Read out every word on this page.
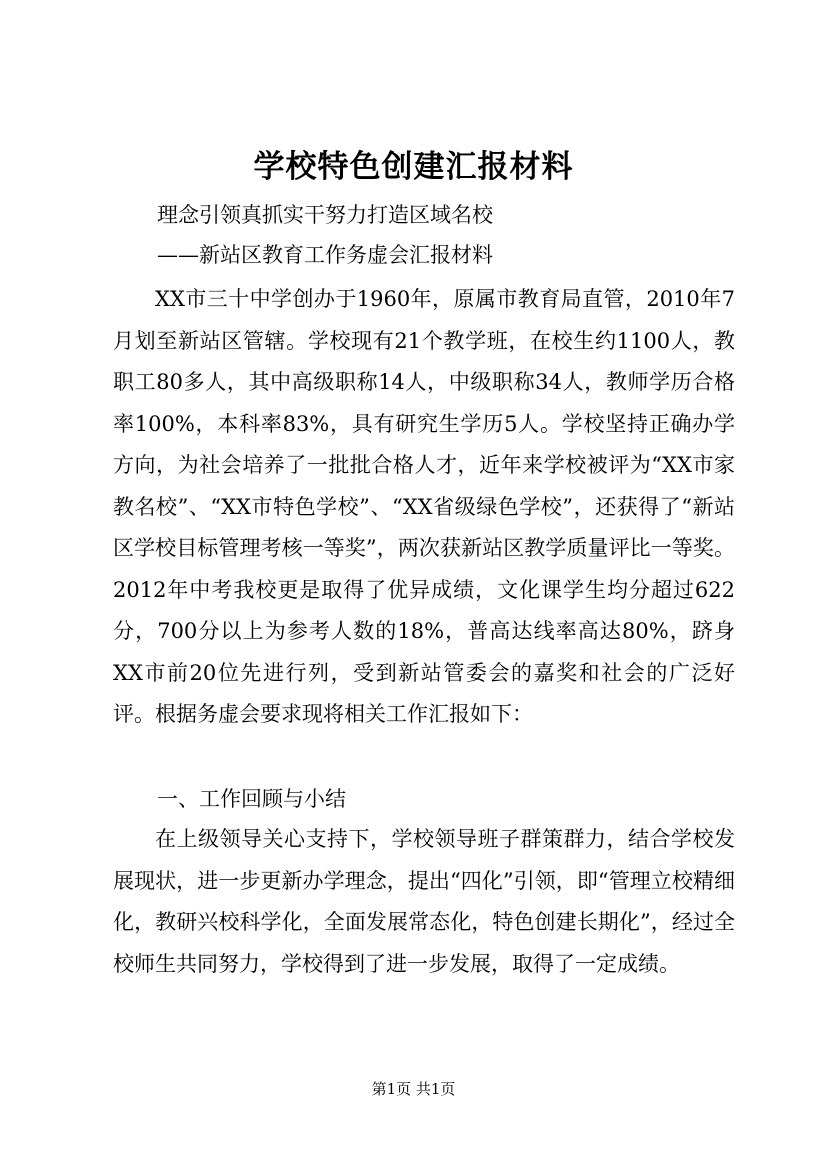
学校特色创建汇报材料
理念引领真抓实干努力打造区域名校
——新站区教育工作务虚会汇报材料

XX市三十中学创办于1960年，原属市教育局直管，2010年7月划至新站区管辖。学校现有21个教学班，在校生约1100人，教职工80多人，其中高级职称14人，中级职称34人，教师学历合格率100%，本科率83%，具有研究生学历5人。学校坚持正确办学方向，为社会培养了一批批合格人才，近年来学校被评为“XX市家教名校”、“XX市特色学校”、“XX省级绿色学校”，还获得了“新站区学校目标管理考核一等奖”，两次获新站区教学质量评比一等奖。2012年中考我校更是取得了优异成绩，文化课学生均分超过622分，700分以上为参考人数的18%，普高达线率高达80%，跻身XX市前20位先进行列，受到新站管委会的嘉奖和社会的广泛好评。根据务虚会要求现将相关工作汇报如下：

一、工作回顾与小结

在上级领导关心支持下，学校领导班子群策群力，结合学校发展现状，进一步更新办学理念，提出“四化”引领，即“管理立校精细化，教研兴校科学化，全面发展常态化，特色创建长期化”，经过全校师生共同努力，学校得到了进一步发展，取得了一定成绩。

第1页 共1页
